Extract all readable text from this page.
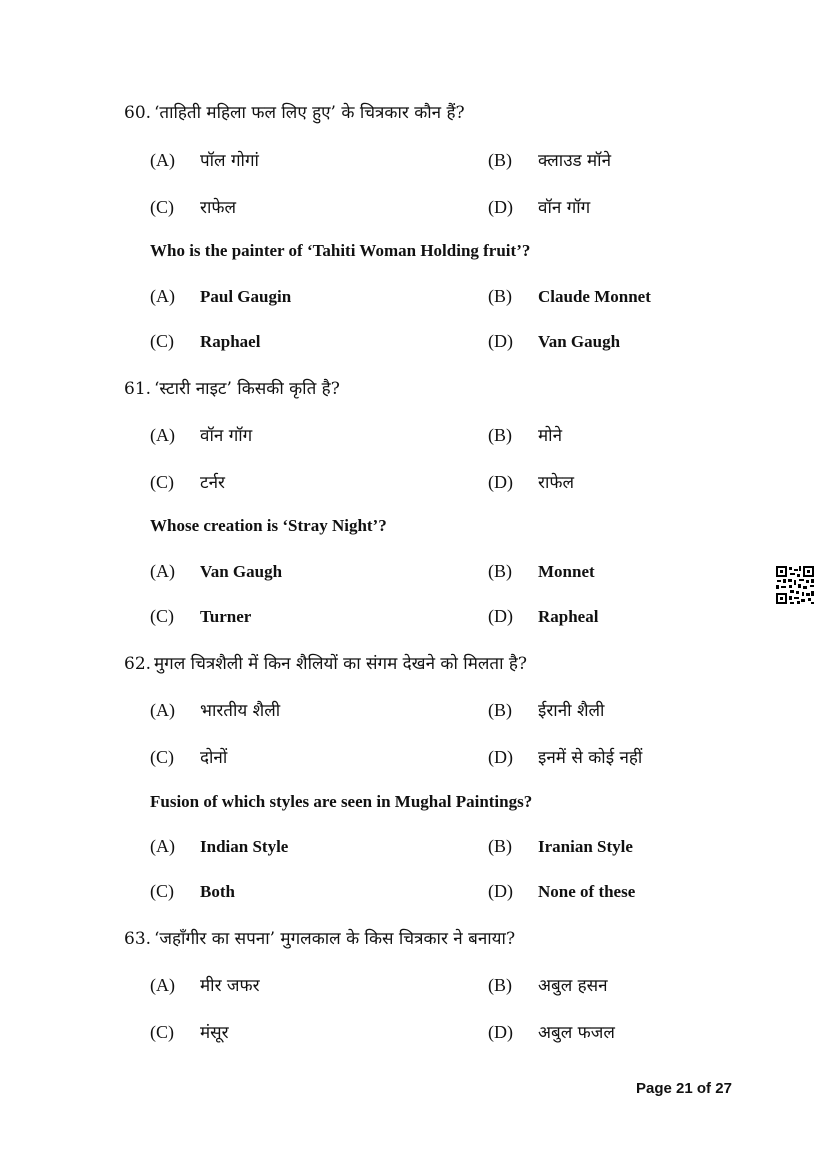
60. ‘ताहिती महिला फल लिए हुए’ के चित्रकार कौन हैं?
(A) पॉल गोगां	(B) क्लाउड मॉने
(C) राफेल	(D) वॉन गॉग
Who is the painter of ‘Tahiti Woman Holding fruit’?
(A) Paul Gaugin	(B) Claude Monnet
(C) Raphael	(D) Van Gaugh
61. ‘स्टारी नाइट’ किसकी कृति है?
(A) वॉन गॉग	(B) मोने
(C) टर्नर	(D) राफेल
Whose creation is ‘Stray Night’?
(A) Van Gaugh	(B) Monnet
(C) Turner	(D) Rapheal
62. मुगल चित्रशैली में किन शैलियों का संगम देखने को मिलता है?
(A) भारतीय शैली	(B) ईरानी शैली
(C) दोनों	(D) इनमें से कोई नहीं
Fusion of which styles are seen in Mughal Paintings?
(A) Indian Style	(B) Iranian Style
(C) Both	(D) None of these
63. ‘जहाँगीर का सपना’ मुगलकाल के किस चित्रकार ने बनाया?
(A) मीर जफर	(B) अबुल हसन
(C) मंसूर	(D) अबुल फजल
Page 21 of 27
